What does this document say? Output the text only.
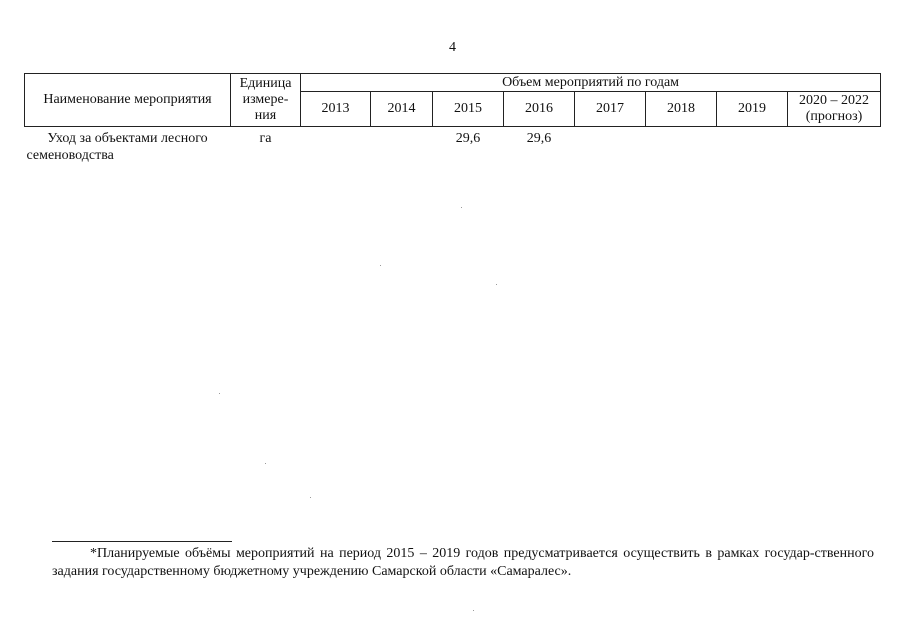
4
Наименование мероприятия	Единица измере-ния	Объем мероприятий по годам							
		2013	2014	2015	2016	2017	2018	2019	2020 – 2022 (прогноз)
Уход за объектами лесного семеноводства	га			29,6	29,6				
*Планируемые объёмы мероприятий на период 2015 – 2019 годов предусматривается осуществить в рамках государ-ственного задания государственному бюджетному учреждению Самарской области «Самаралес».
